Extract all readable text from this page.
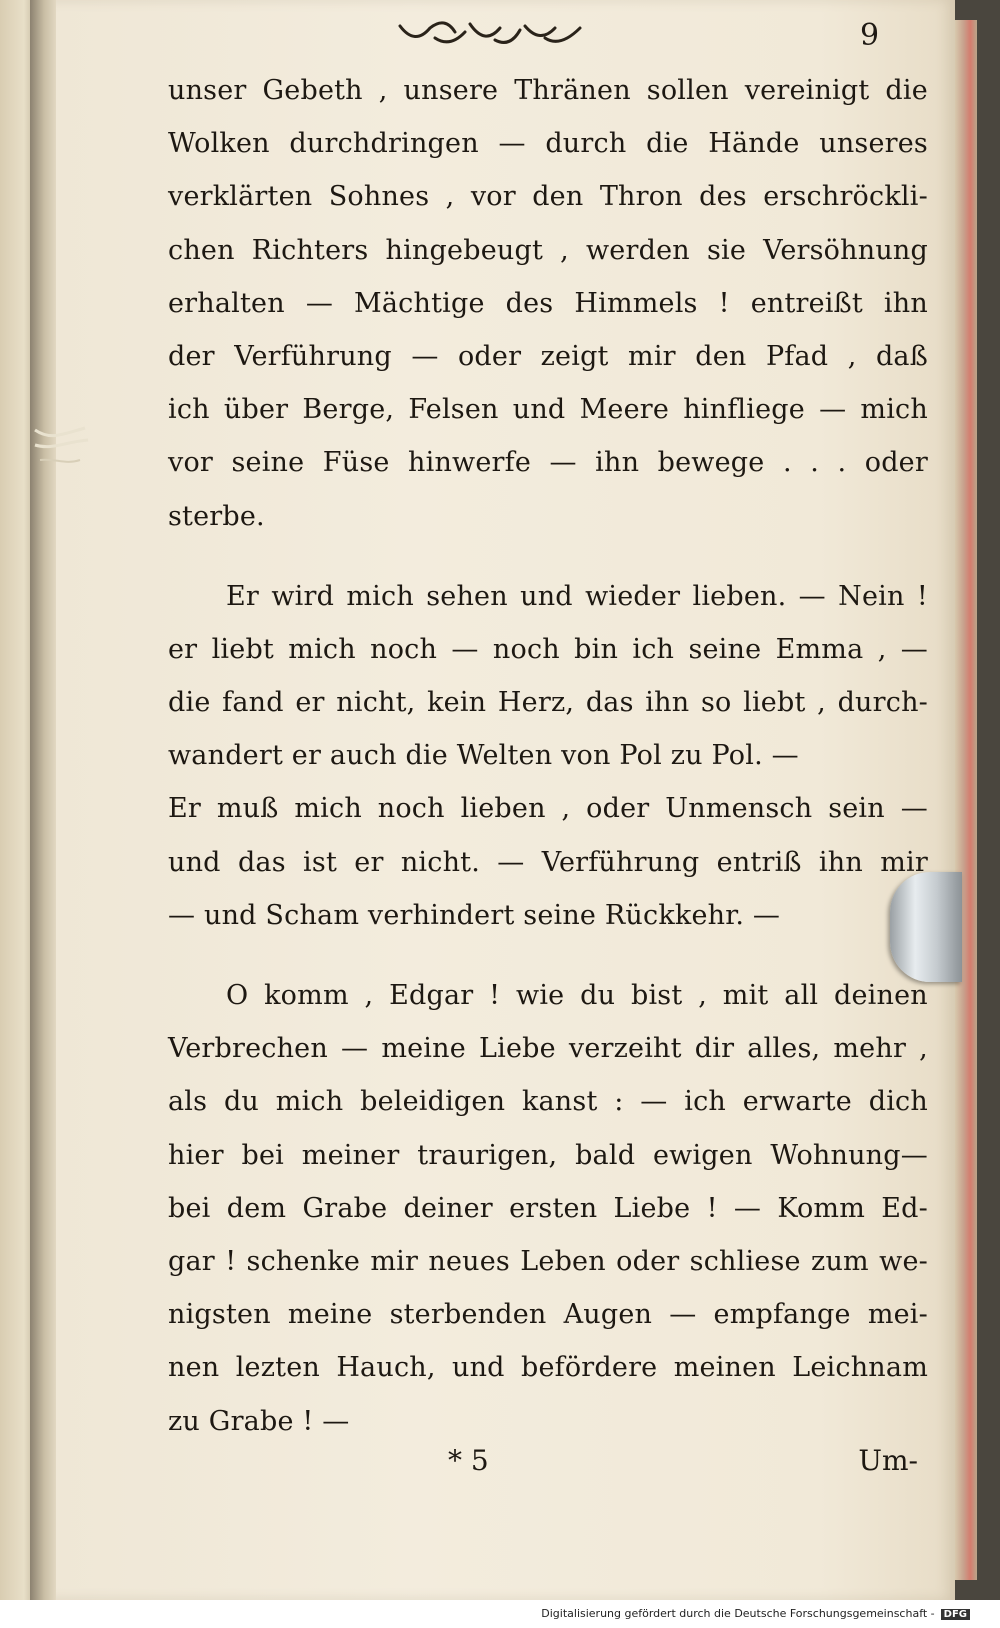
9
unser Gebeth , unsere Thränen sollen vereinigt die
Wolken durchdringen — durch die Hände unseres
verklärten Sohnes , vor den Thron des erschröckli-
chen Richters hingebeugt , werden sie Versöhnung
erhalten — Mächtige des Himmels ! entreißt ihn
der Verführung — oder zeigt mir den Pfad , daß
ich über Berge, Felsen und Meere hinfliege — mich
vor seine Füse hinwerfe — ihn bewege . . . oder
sterbe.
Er wird mich sehen und wieder lieben. — Nein !
er liebt mich noch — noch bin ich seine Emma , —
die fand er nicht, kein Herz, das ihn so liebt , durch-
wandert er auch die Welten von Pol zu Pol. —
Er muß mich noch lieben , oder Unmensch sein —
und das ist er nicht. — Verführung entriß ihn mir
— und Scham verhindert seine Rückkehr. —
O komm , Edgar ! wie du bist , mit all deinen
Verbrechen — meine Liebe verzeiht dir alles, mehr ,
als du mich beleidigen kanst : — ich erwarte dich
hier bei meiner traurigen, bald ewigen Wohnung—
bei dem Grabe deiner ersten Liebe ! — Komm Ed-
gar ! schenke mir neues Leben oder schliese zum we-
nigsten meine sterbenden Augen — empfange mei-
nen lezten Hauch, und befördere meinen Leichnam
zu Grabe ! —
* 5	Um-
Digitalisierung gefördert durch die Deutsche Forschungsgemeinschaft - DFG
